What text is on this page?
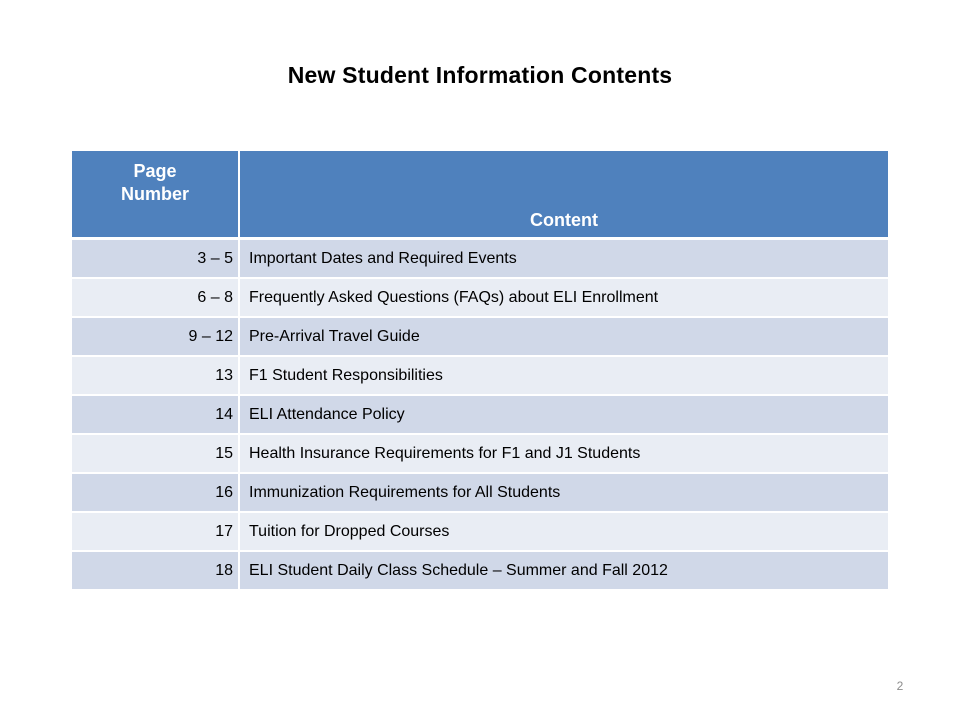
New Student Information Contents
Page
Number	Content
3 – 5	Important Dates and Required Events
6 – 8	Frequently Asked Questions (FAQs) about ELI Enrollment
9 – 12	Pre-Arrival Travel Guide
13	F1 Student Responsibilities
14	ELI Attendance Policy
15	Health Insurance Requirements for F1 and J1 Students
16	Immunization Requirements for All Students
17	Tuition for Dropped Courses
18	ELI Student Daily Class Schedule – Summer and Fall 2012
2
